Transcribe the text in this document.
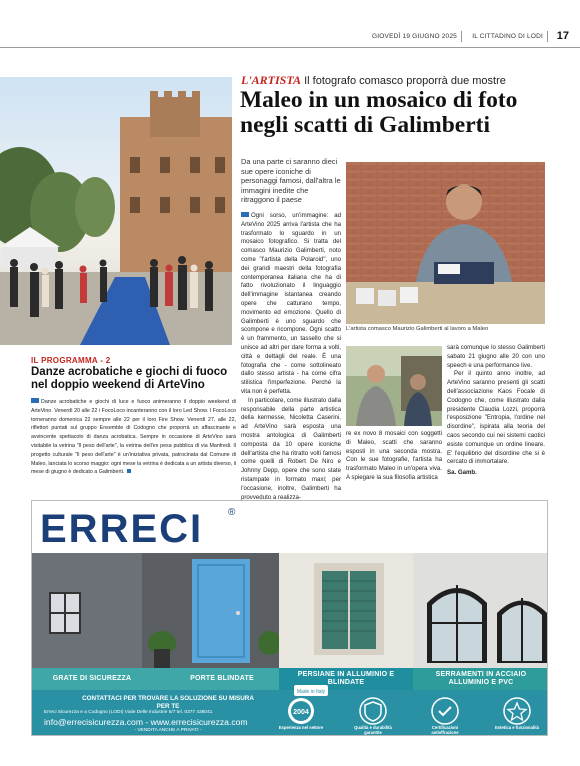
GIOVEDÌ 19 GIUGNO 2025 IL CITTADINO DI LODI 17
IL PROGRAMMA - 2
Danze acrobatiche e giochi di fuoco nel doppio weekend di ArteVino
Danze acrobatiche e giochi di luce e fuoco animeranno il doppio weekend di ArteVino. Venerdì 20 alle 22 i FocoLoco incanteranno con il loro Led Show. I FocoLoco torneranno domenica 22 sempre alle 22 per il loro Fire Show. Venerdì 27, alle 22, riflettori puntati sul gruppo Ensemble di Codogno che proporrà un affascinante e avvincente spettacolo di danza acrobatica. Sempre in occasione di ArteVino sarà visitabile la vetrina "Il peso dell'arte", la vetrina dell'ex pesa pubblica di via Manfredi. Il progetto culturale "Il peso dell'arte" è un'iniziativa privata, patrocinata dal Comune di Maleo, lanciata lo scorso maggio: ogni mese la vetrina è dedicata a un artista diverso, il mese di giugno è dedicato a Galimberti.
L'ARTISTA Il fotografo comasco proporrà due mostre
Maleo in un mosaico di foto negli scatti di Galimberti
Da una parte ci saranno dieci sue opere iconiche di personaggi famosi, dall'altra le immagini inedite che ritraggono il paese

Ogni sorso, un'immagine: ad ArteVino 2025 arriva l'artista che ha trasformato lo sguardo in un mosaico fotografico. Si tratta del comasco Maurizio Galimberti, noto come "l'artista della Polaroid", uno dei grandi maestri della fotografia contemporanea italiana che ha di fatto rivoluzionato il linguaggio dell'immagine istantanea creando opere che catturano tempo, movimento ed emozione. Quello di Galimberti è uno sguardo che scompone e ricompone. Ogni scatto è un frammento, un tassello che si unisce ad altri per dare forma a volti, città e dettagli del reale. È una fotografia che - come sottolineato dallo stesso artista - ha come cifra stilistica l'imperfezione. Perché la vita non è perfetta.

In particolare, come illustrato dalla responsabile della parte artistica della kermesse, Nicoletta Caserini, ad ArteVino sarà esposta una mostra antologica di Galimberti composta da 10 opere iconiche dell'artista che ha ritratto volti famosi come quelli di Robert De Niro e Johnny Depp, opere che sono state ristampate in formato maxi; per l'occasione, inoltre, Galimberti ha provveduto a realizza-

L'artista comasco Maurizio Galimberti al lavoro a Maleo
re ex novo 8 mosaici con soggetti di Maleo, scatti che saranno esposti in una seconda mostra. Con le sue fotografie, l'artista ha trasformato Maleo in un'opera viva. A spiegare la sua filosofia artistica

sarà comunque lo stesso Galimberti sabato 21 giugno alle 20 con uno speech e una performance live.

Per il quinto anno inoltre, ad ArteVino saranno presenti gli scatti dell'associazione Kaos Focale di Codogno che, come illustrato dalla presidente Claudia Lozzi, proporrà l'esposizione "Entropia, l'ordine nel disordine", ispirata alla teoria del caos secondo cui nei sistemi caotici esiste comunque un ordine lineare. E' l'equilibrio del disordine che si è cercato di immortalare.

Sa. Gamb.
ERRECI ®
GRATE DI SICUREZZA	PORTE BLINDATE
PERSIANE IN ALLUMINIO E BLINDATE
SERRAMENTI IN ACCIAIO ALLUMINIO E PVC
CONTATTACI PER TROVARE LA SOLUZIONE SU MISURA PER TE
Erreci Sicurezza e a Codogno (LODI) Viale Delle Industrie 5/7 tel. 0377 436041
info@errecisicurezza.com - www.errecisicurezza.com
- VENDITA ANCHE A PRIVATI -
2004
Made in Italy
Esperienza nel settore	Qualità e durabilità garantite
Certificazioni antieffrazione
Estetica e funzionalità
